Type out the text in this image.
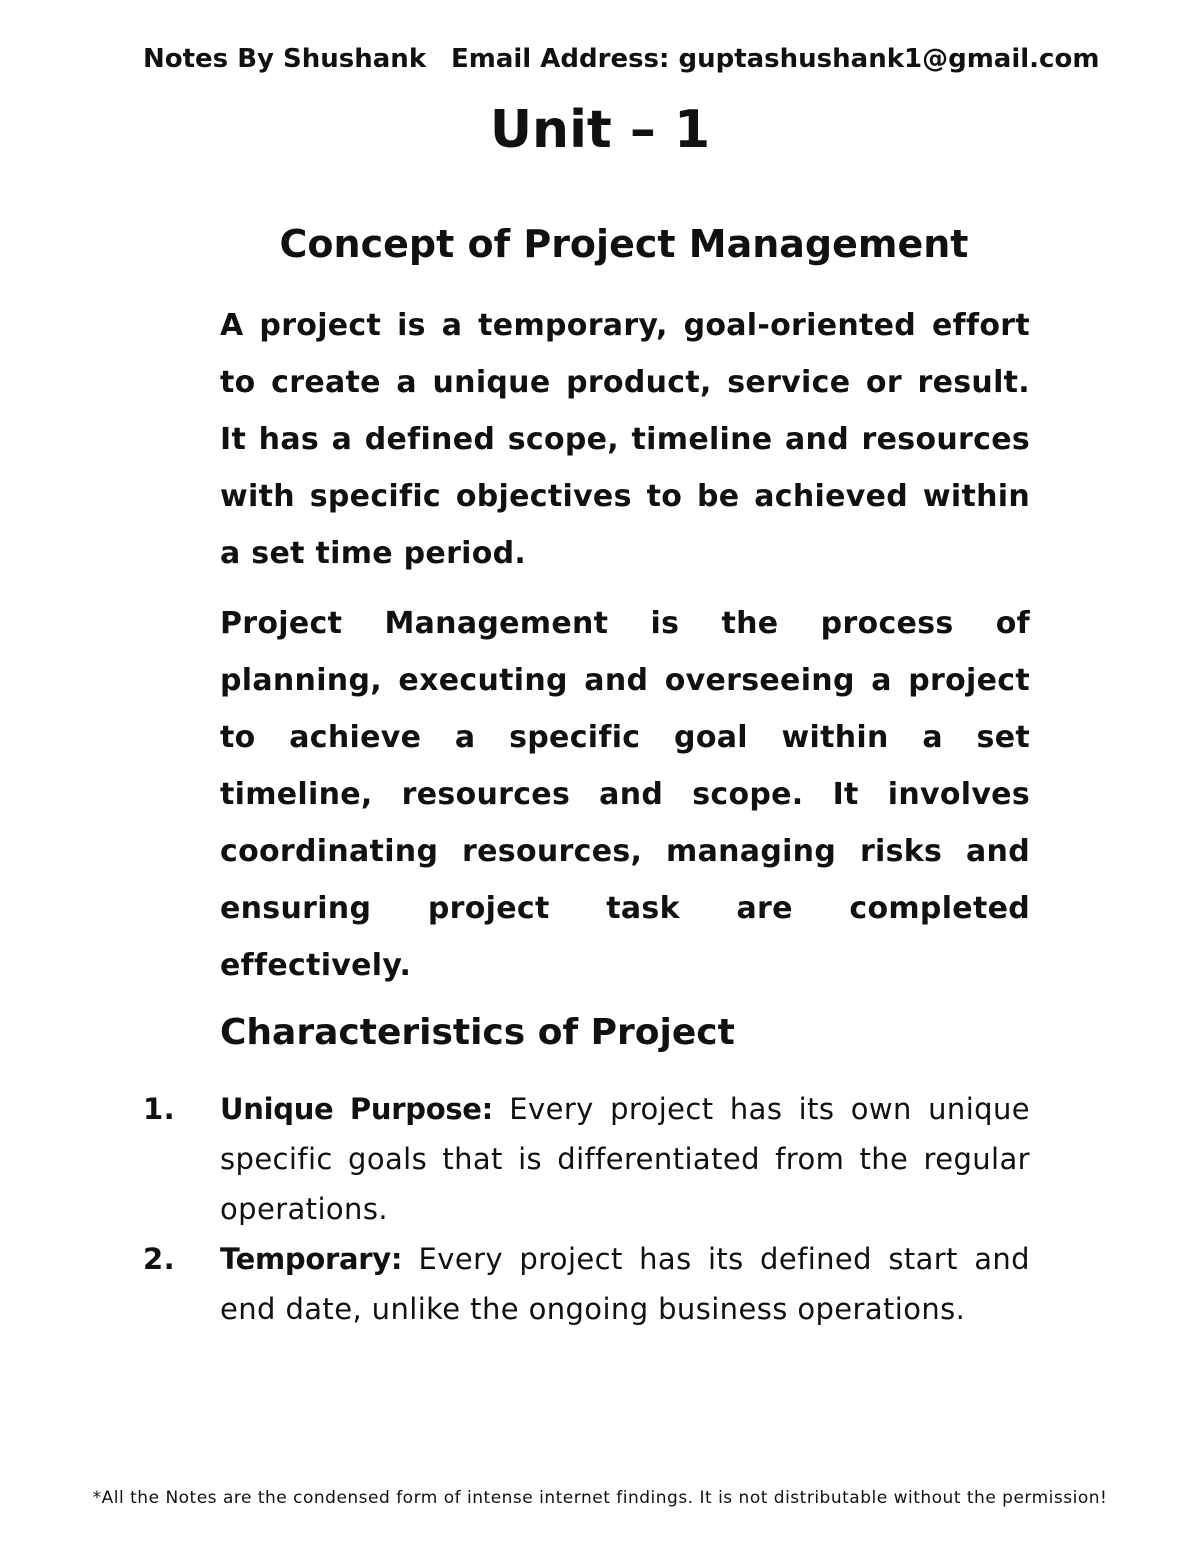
Notes By Shushank Email Address: guptashushank1@gmail.com
Unit – 1
Concept of Project Management

A project is a temporary, goal-oriented effort to create a unique product, service or result. It has a defined scope, timeline and resources with specific objectives to be achieved within a set time period.

Project Management is the process of planning, executing and overseeing a project to achieve a specific goal within a set timeline, resources and scope. It involves coordinating resources, managing risks and ensuring project task are completed effectively.

Characteristics of Project
1. Unique Purpose: Every project has its own unique specific goals that is differentiated from the regular operations.
2. Temporary: Every project has its defined start and end date, unlike the ongoing business operations.
*All the Notes are the condensed form of intense internet findings. It is not distributable without the permission!
